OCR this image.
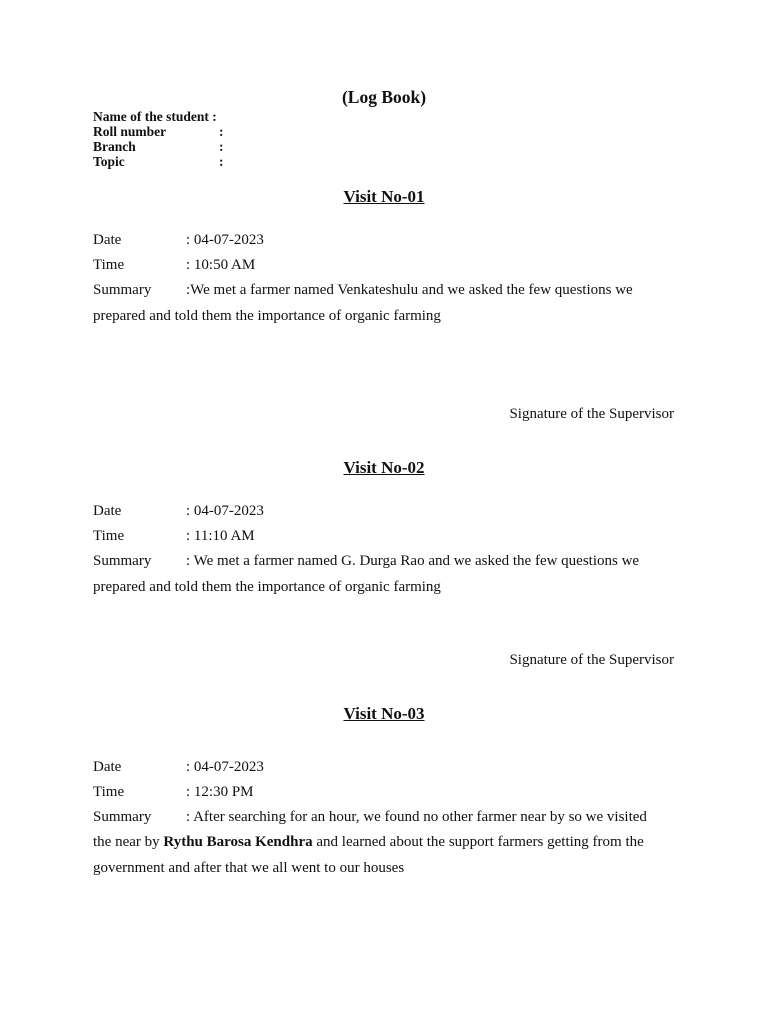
(Log Book)
Name of the student :
Roll number	:
Branch	:
Topic	:
Visit No-01
Date	: 04-07-2023
Time	: 10:50 AM
Summary :We met a farmer named Venkateshulu and we asked the few questions we
prepared and told them the importance of organic farming
Signature of the Supervisor
Visit No-02
Date	: 04-07-2023
Time	: 11:10 AM
Summary : We met a farmer named G. Durga Rao and we asked the few questions we
prepared and told them the importance of organic farming
Signature of the Supervisor
Visit No-03
Date	: 04-07-2023
Time	: 12:30 PM
Summary : After searching for an hour, we found no other farmer near by so we visited
the near by Rythu Barosa Kendhra and learned about the support farmers getting from the
government and after that we all went to our houses
